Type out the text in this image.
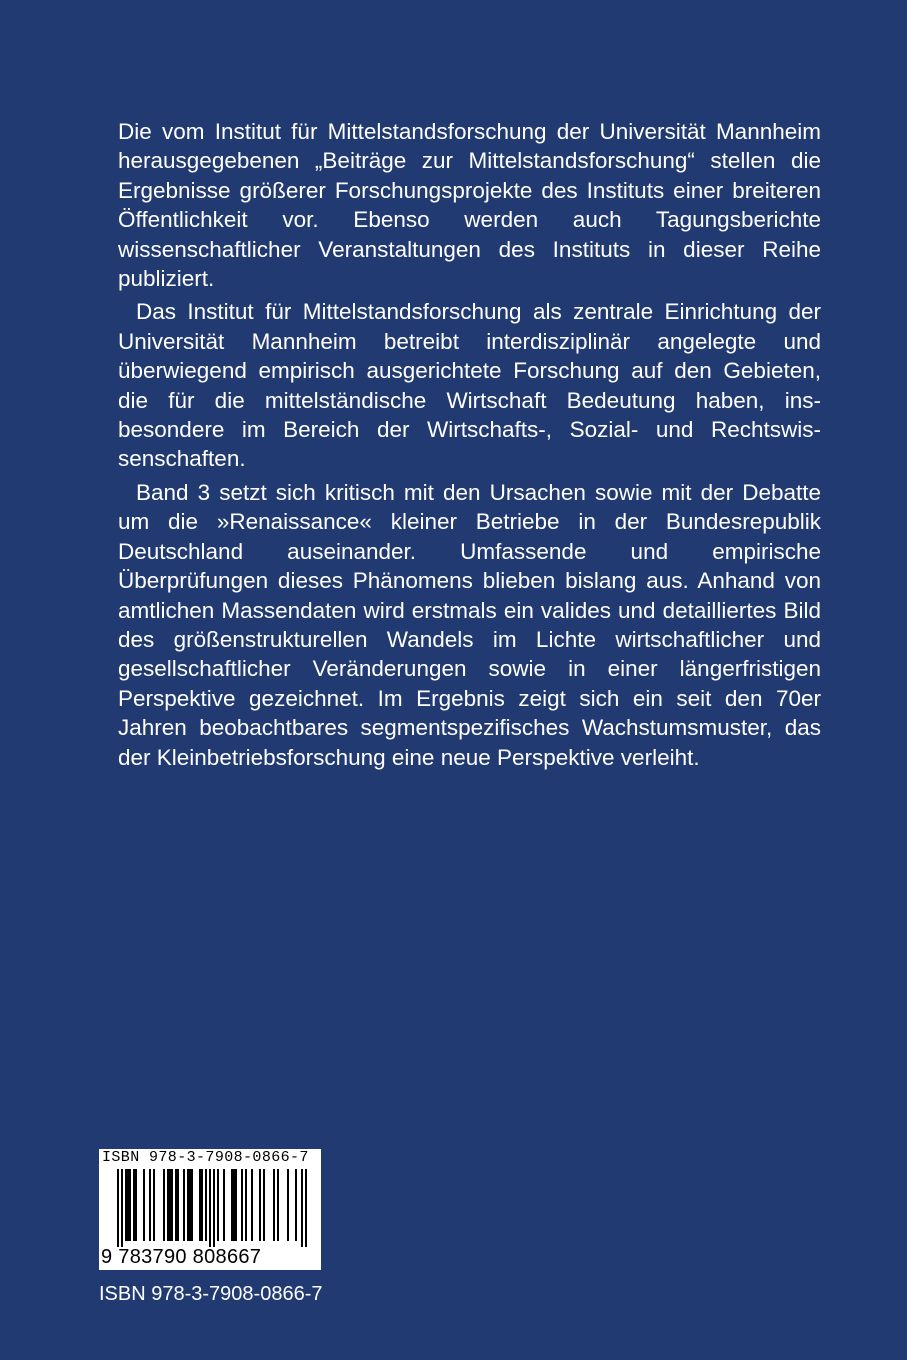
Die vom Institut für Mittelstandsforschung der Universität Mannheim herausgegebenen „Beiträge zur Mittelstandsforschung“ stellen die Ergebnisse größerer Forschungsprojekte des Instituts einer breiteren Öffentlichkeit vor. Ebenso werden auch Tagungsberichte wissenschaftlicher Veranstaltungen des Instituts in dieser Reihe publiziert.

Das Institut für Mittelstandsforschung als zentrale Einrichtung der Universität Mannheim betreibt interdisziplinär angelegte und überwiegend empirisch ausgerichtete Forschung auf den Gebieten, die für die mittelständische Wirtschaft Bedeutung haben, insbesondere im Bereich der Wirtschafts-, Sozial- und Rechtswissenschaften.

Band 3 setzt sich kritisch mit den Ursachen sowie mit der Debatte um die »Renaissance« kleiner Betriebe in der Bundesrepublik Deutschland auseinander. Umfassende und empirische Überprüfungen dieses Phänomens blieben bislang aus. Anhand von amtlichen Massendaten wird erstmals ein valides und detailliertes Bild des größenstrukturellen Wandels im Lichte wirtschaftlicher und gesellschaftlicher Veränderungen sowie in einer längerfristigen Perspektive gezeichnet. Im Ergebnis zeigt sich ein seit den 70er Jahren beobachtbares segmentspezifisches Wachstumsmuster, das der Kleinbetriebsforschung eine neue Perspektive verleiht.

ISBN 978-3-7908-0866-7
9 783790 808667
ISBN 978-3-7908-0866-7
